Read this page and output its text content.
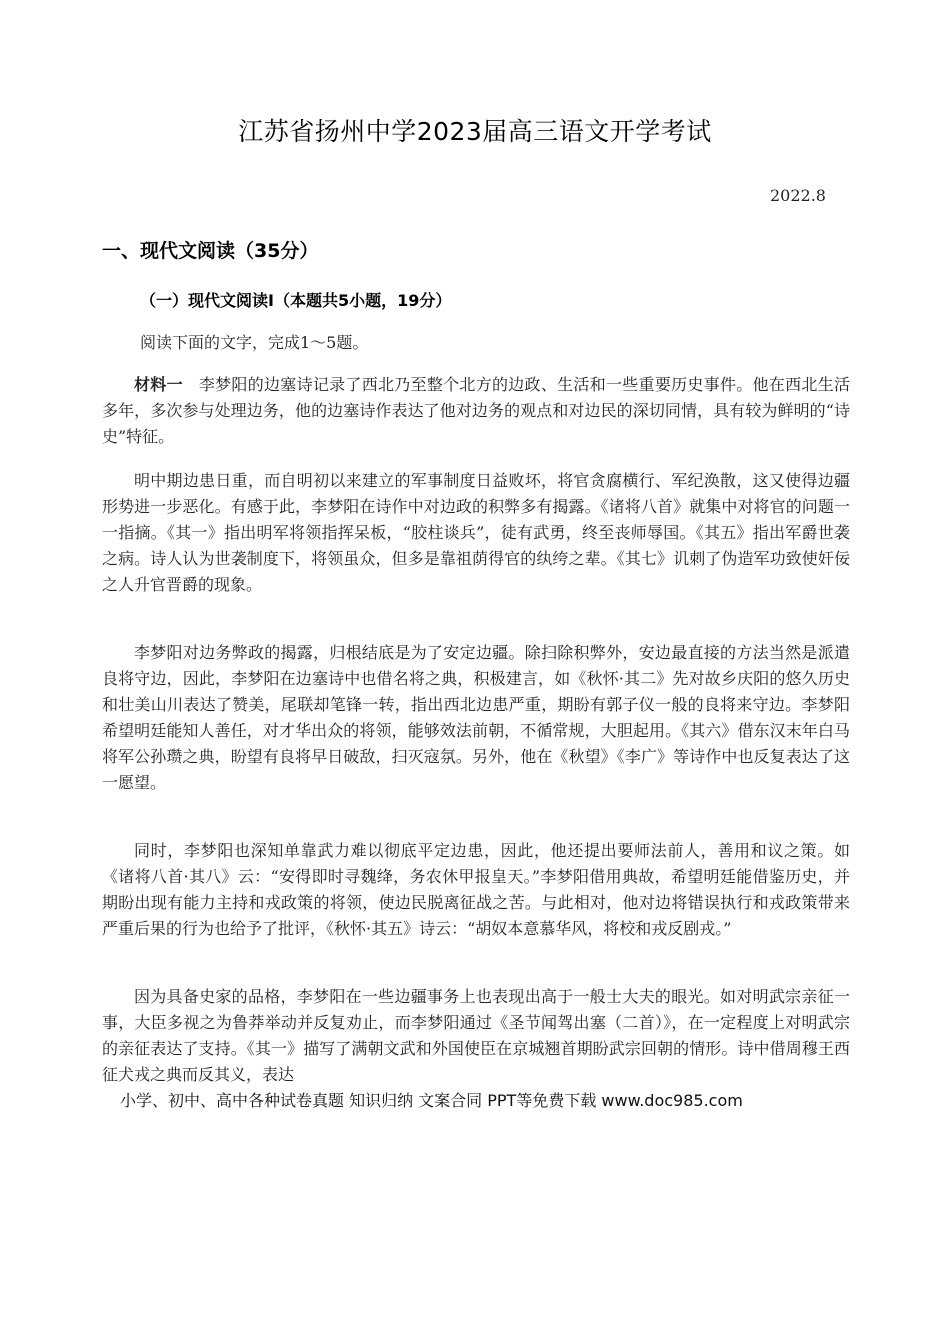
江苏省扬州中学2023届高三语文开学考试
2022.8
一、现代文阅读（35分）
（一）现代文阅读Ⅰ（本题共5小题，19分）
阅读下面的文字，完成1～5题。

材料一 李梦阳的边塞诗记录了西北乃至整个北方的边政、生活和一些重要历史事件。他在西北生活多年，多次参与处理边务，他的边塞诗作表达了他对边务的观点和对边民的深切同情，具有较为鲜明的“诗史”特征。

明中期边患日重，而自明初以来建立的军事制度日益败坏，将官贪腐横行、军纪涣散，这又使得边疆形势进一步恶化。有感于此，李梦阳在诗作中对边政的积弊多有揭露。《诸将八首》就集中对将官的问题一一指摘。《其一》指出明军将领指挥呆板，“胶柱谈兵”，徒有武勇，终至丧师辱国。《其五》指出军爵世袭之病。诗人认为世袭制度下，将领虽众，但多是靠祖荫得官的纨绔之辈。《其七》讥刺了伪造军功致使奸佞之人升官晋爵的现象。

李梦阳对边务弊政的揭露，归根结底是为了安定边疆。除扫除积弊外，安边最直接的方法当然是派遣良将守边，因此，李梦阳在边塞诗中也借名将之典，积极建言，如《秋怀·其二》先对故乡庆阳的悠久历史和壮美山川表达了赞美，尾联却笔锋一转，指出西北边患严重，期盼有郭子仪一般的良将来守边。李梦阳希望明廷能知人善任，对才华出众的将领，能够效法前朝，不循常规，大胆起用。《其六》借东汉末年白马将军公孙瓒之典，盼望有良将早日破敌，扫灭寇氛。另外，他在《秋望》《李广》等诗作中也反复表达了这一愿望。

同时，李梦阳也深知单靠武力难以彻底平定边患，因此，他还提出要师法前人，善用和议之策。如《诸将八首·其八》云：“安得即时寻魏绛，务农休甲报皇天。”李梦阳借用典故，希望明廷能借鉴历史，并期盼出现有能力主持和戎政策的将领，使边民脱离征战之苦。与此相对，他对边将错误执行和戎政策带来严重后果的行为也给予了批评，《秋怀·其五》诗云：“胡奴本意慕华风，将校和戎反剧戎。”

因为具备史家的品格，李梦阳在一些边疆事务上也表现出高于一般士大夫的眼光。如对明武宗亲征一事，大臣多视之为鲁莽举动并反复劝止，而李梦阳通过《圣节闻驾出塞（二首）》，在一定程度上对明武宗的亲征表达了支持。《其一》描写了满朝文武和外国使臣在京城翘首期盼武宗回朝的情形。诗中借周穆王西征犬戎之典而反其义，表达

小学、初中、高中各种试卷真题 知识归纳 文案合同 PPT等免费下载 www.doc985.com
